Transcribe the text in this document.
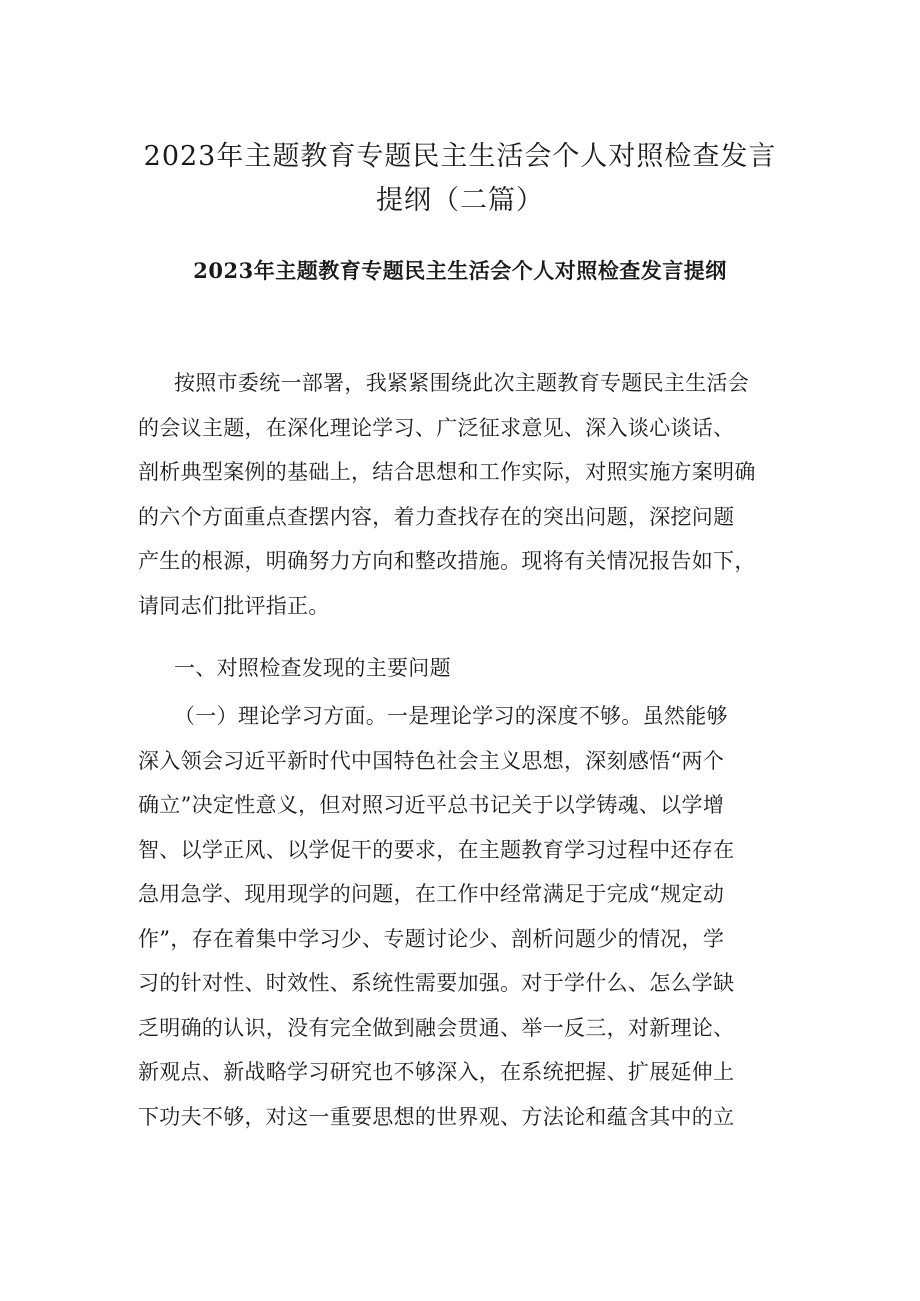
2023年主题教育专题民主生活会个人对照检查发言
提纲（二篇）
2023年主题教育专题民主生活会个人对照检查发言提纲
按照市委统一部署，我紧紧围绕此次主题教育专题民主生活会
的会议主题，在深化理论学习、广泛征求意见、深入谈心谈话、
剖析典型案例的基础上，结合思想和工作实际，对照实施方案明确
的六个方面重点查摆内容，着力查找存在的突出问题，深挖问题
产生的根源，明确努力方向和整改措施。现将有关情况报告如下，
请同志们批评指正。
一、对照检查发现的主要问题
（一）理论学习方面。一是理论学习的深度不够。虽然能够
深入领会习近平新时代中国特色社会主义思想，深刻感悟“两个
确立”决定性意义，但对照习近平总书记关于以学铸魂、以学增
智、以学正风、以学促干的要求，在主题教育学习过程中还存在
急用急学、现用现学的问题，在工作中经常满足于完成“规定动
作”，存在着集中学习少、专题讨论少、剖析问题少的情况，学
习的针对性、时效性、系统性需要加强。对于学什么、怎么学缺
乏明确的认识，没有完全做到融会贯通、举一反三，对新理论、
新观点、新战略学习研究也不够深入，在系统把握、扩展延伸上
下功夫不够，对这一重要思想的世界观、方法论和蕴含其中的立
